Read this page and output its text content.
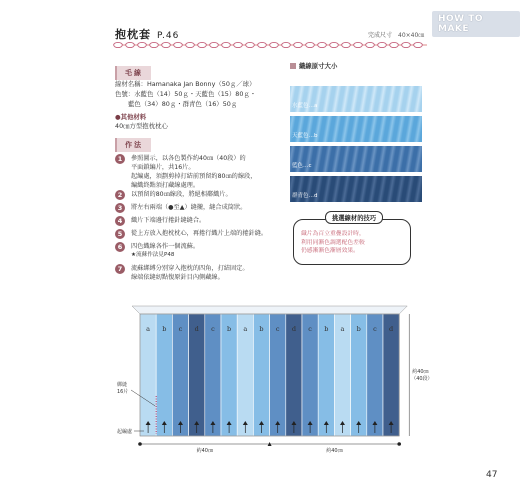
HOW TO MAKE
抱枕套 P.46	完成尺寸　40×40㎝
毛線
線材名稱：Hamanaka Jan Bonny（50ｇ／球）
色號：水藍色（14）50ｇ・天藍色（15）80ｇ・
藍色（34）80ｇ・群青色（16）50ｇ
●其他材料
40㎝方型抱枕枕心
作法
1	參照圖示，以各色製作約40㎝（40段）的
平面鎖編片，共16片。
起編處，須劃剪掉打結前預留約80㎝的線段，
編織終點須打藏線處理。
2	以預留的80㎝線段，將絕相鄰織片。
3	將左右兩端（●至▲）縫攏，縫合成筒狀。
4	織片下端邊行捲針縫縫合。
5	從上方放入抱枕枕心，再捲行織片上端的捲針縫。
6	四色織線各作一個流蘇。
★流蘇作法見P48
7	流蘇綁縛分別穿入抱枕的四角，打結固定。
線端依縫紉點復原針目內側藏線。
織線原寸大小
水藍色…a
天藍色…b
藍色…c
群青色…d
挑選線材的技巧
織片為百立重疊設計時，
利用同漸色調選配色差較
仍感漸漸色漸層效果。
a b c d c b a b c d c b a b c d
綁縫
16片
起編處
約40㎝
（40段）
約40㎝	約40㎝
47
